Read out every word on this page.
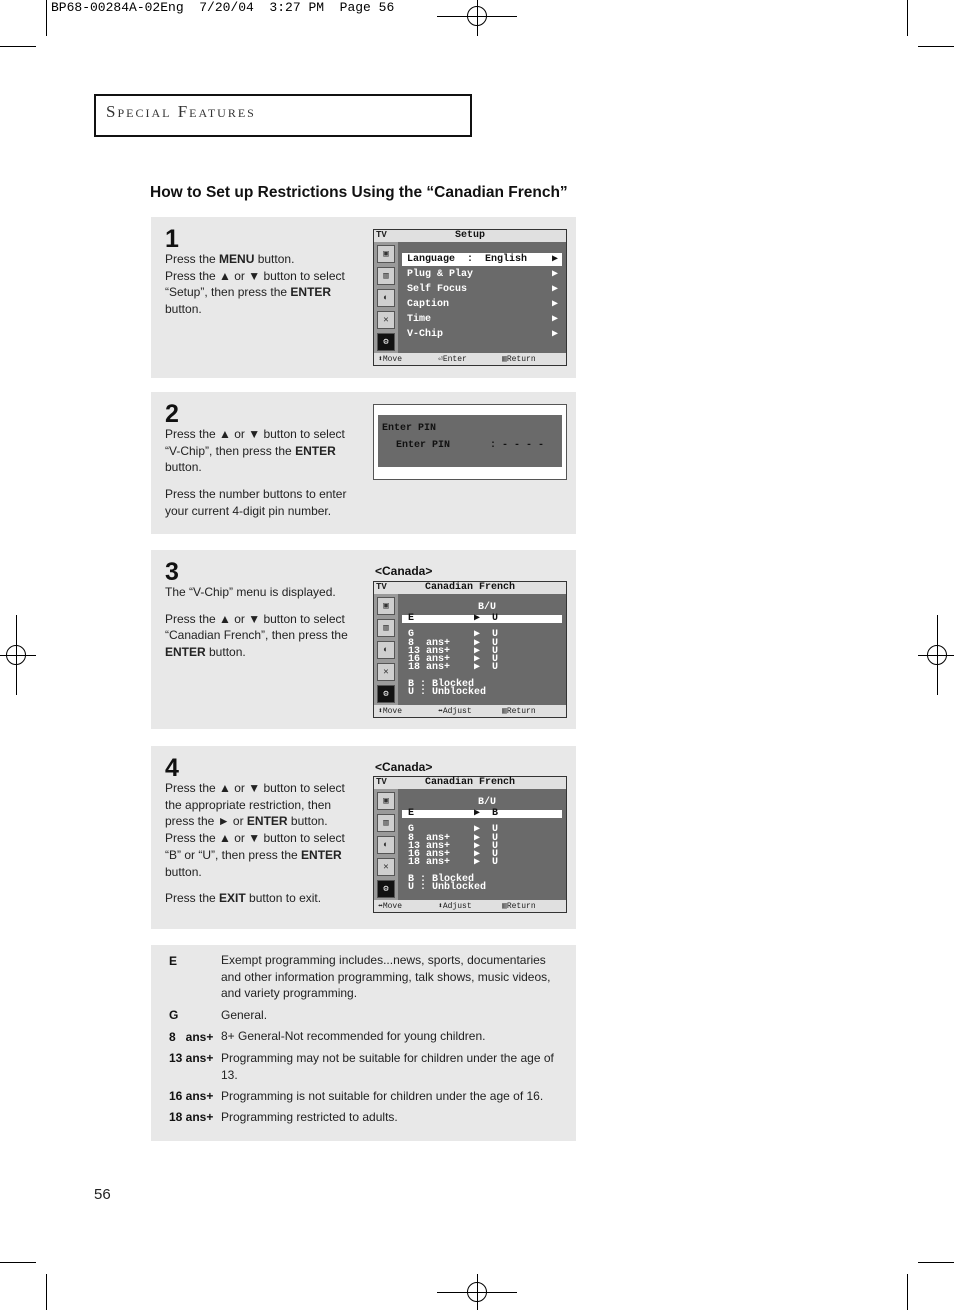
BP68-00284A-02Eng  7/20/04  3:27 PM  Page 56
Special Features
How to Set up Restrictions Using the “Canadian French”
1
Press the MENU button.
Press the ▲ or ▼ button to select “Setup”, then press the ENTER button.
TV	Setup
▣
▥
◐
✕
⚙
Language  :  English ▶
Plug & Play	▶
Self Focus	▶
Caption	▶
Time	▶
V-Chip	▶
⬍Move	⏎Enter	▥Return
2
Press the ▲ or ▼ button to select “V-Chip”, then press the ENTER button.
Press the number buttons to enter your current 4-digit pin number.
Enter PIN
Enter PIN	: - - - -
3
The “V-Chip” menu is displayed.
Press the ▲ or ▼ button to select “Canadian French”, then press the ENTER button.
<Canada>
TV	Canadian French
▣
▥
◐
✕
⚙
B/U
E          ▶  U
G          ▶  U
8  ans+    ▶  U
13 ans+    ▶  U
16 ans+    ▶  U
18 ans+    ▶  U
B : Blocked
U : Unblocked
⬍Move	⬌Adjust	▥Return
4
Press the ▲ or ▼ button to select the appropriate restriction, then press the ► or ENTER button.
Press the ▲ or ▼ button to select “B” or “U”, then press the ENTER button.
Press the EXIT button to exit.
<Canada>
TV	Canadian French
▣
▥
◐
✕
⚙
B/U
E          ▶  B
G          ▶  U
8  ans+    ▶  U
13 ans+    ▶  U
16 ans+    ▶  U
18 ans+    ▶  U
B : Blocked
U : Unblocked
⬌Move	⬍Adjust	▥Return
E	Exempt programming includes...news, sports, documentaries and other information programming, talk shows, music videos, and variety programming.
G	General.
8   ans+ 8+ General-Not recommended for young children.
13 ans+ Programming may not be suitable for children under the age of 13.
16 ans+ Programming is not suitable for children under the age of 16.
18 ans+ Programming restricted to adults.
56
